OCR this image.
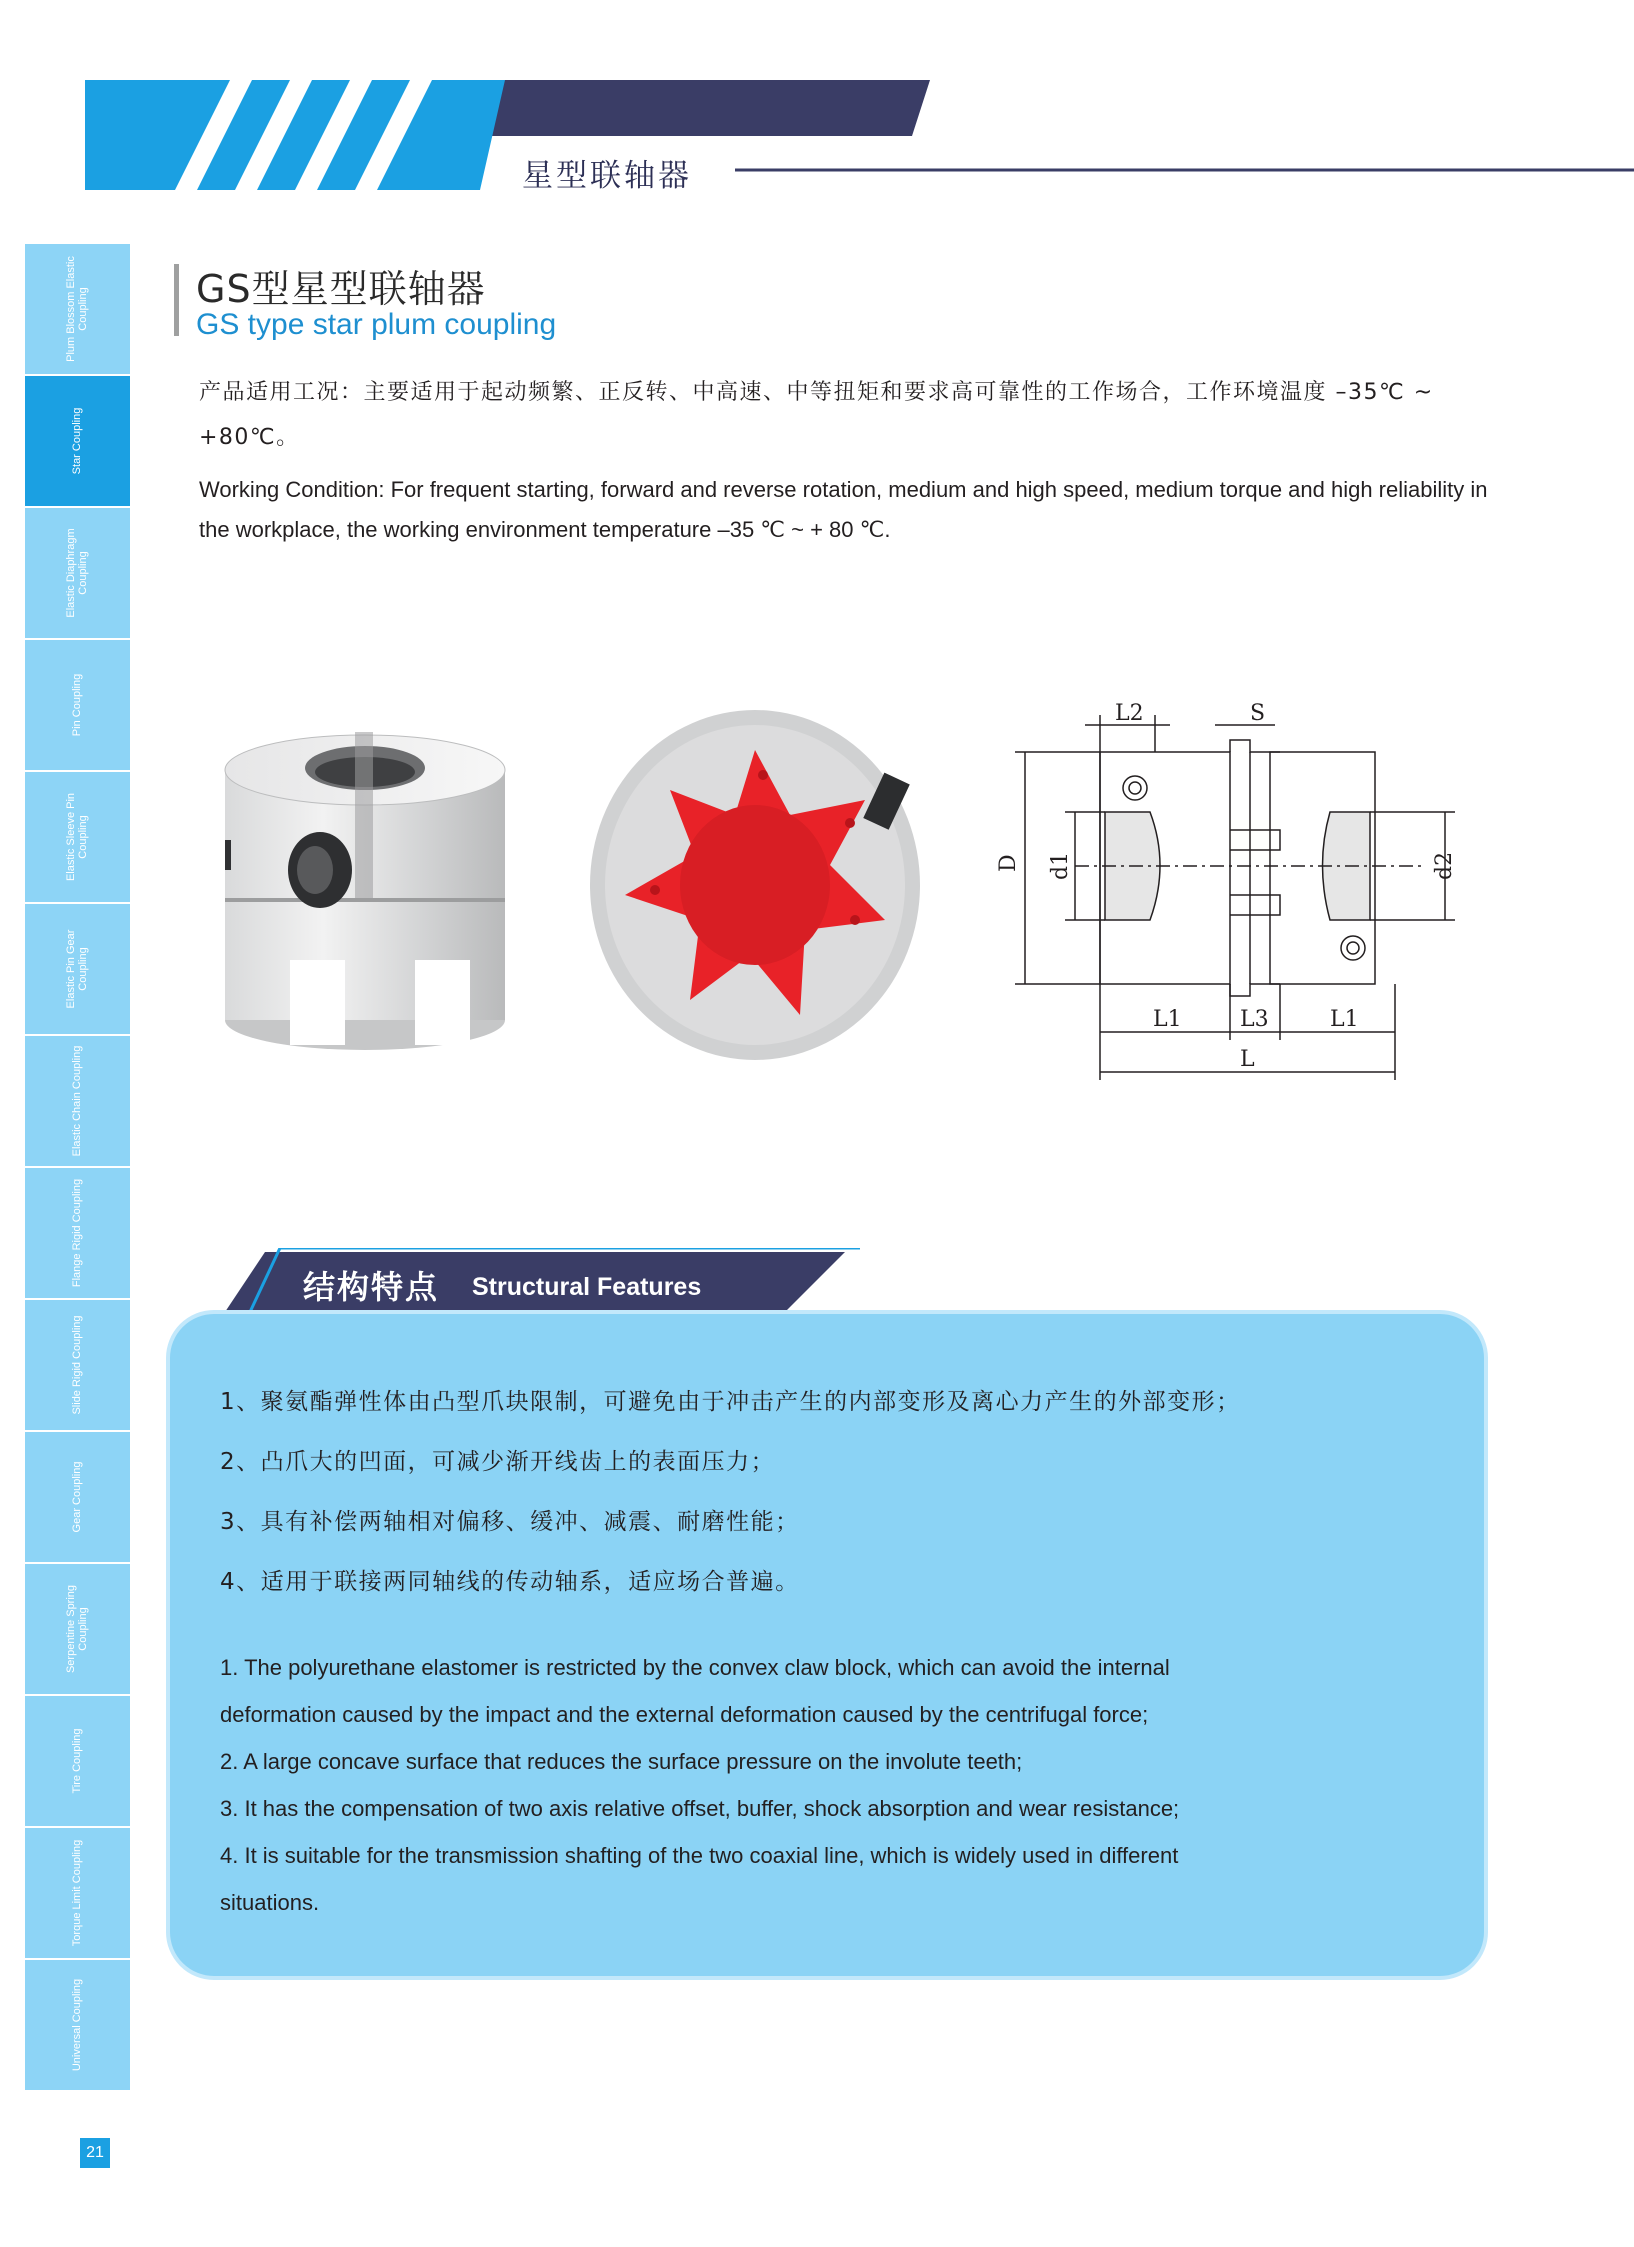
星型联轴器
Plum Blossom Elastic Coupling
Star Coupling
Elastic Diaphragm Coupling
Pin Coupling
Elastic Sleeve Pin Coupling
Elastic Pin Gear Coupling
Elastic Chain Coupling
Flange Rigid Coupling
Slide Rigid Coupling
Gear Coupling
Serpentine Spring Coupling
Tire Coupling
Torque Limit Coupling
Universal Coupling
21
GS型星型联轴器
GS type star plum coupling
产品适用工况：主要适用于起动频繁、正反转、中高速、中等扭矩和要求高可靠性的工作场合，工作环境温度 –35℃ ~ +80℃。
Working Condition: For frequent starting, forward and reverse rotation, medium and high speed, medium torque and high reliability in the workplace, the working environment temperature –35 ℃ ~ + 80 ℃.
L2	S
D d1	d2
L1	L3	L1
L
结构特点 Structural Features
1、聚氨酯弹性体由凸型爪块限制，可避免由于冲击产生的内部变形及离心力产生的外部变形；
2、凸爪大的凹面，可减少渐开线齿上的表面压力；
3、具有补偿两轴相对偏移、缓冲、减震、耐磨性能；
4、适用于联接两同轴线的传动轴系，适应场合普遍。
1. The polyurethane elastomer is restricted by the convex claw block, which can avoid the internal
deformation caused by the impact and the external deformation caused by the centrifugal force;
2. A large concave surface that reduces the surface pressure on the involute teeth;
3. It has the compensation of two axis relative offset, buffer, shock absorption and wear resistance;
4. It is suitable for the transmission shafting of the two coaxial line, which is widely used in different
situations.
